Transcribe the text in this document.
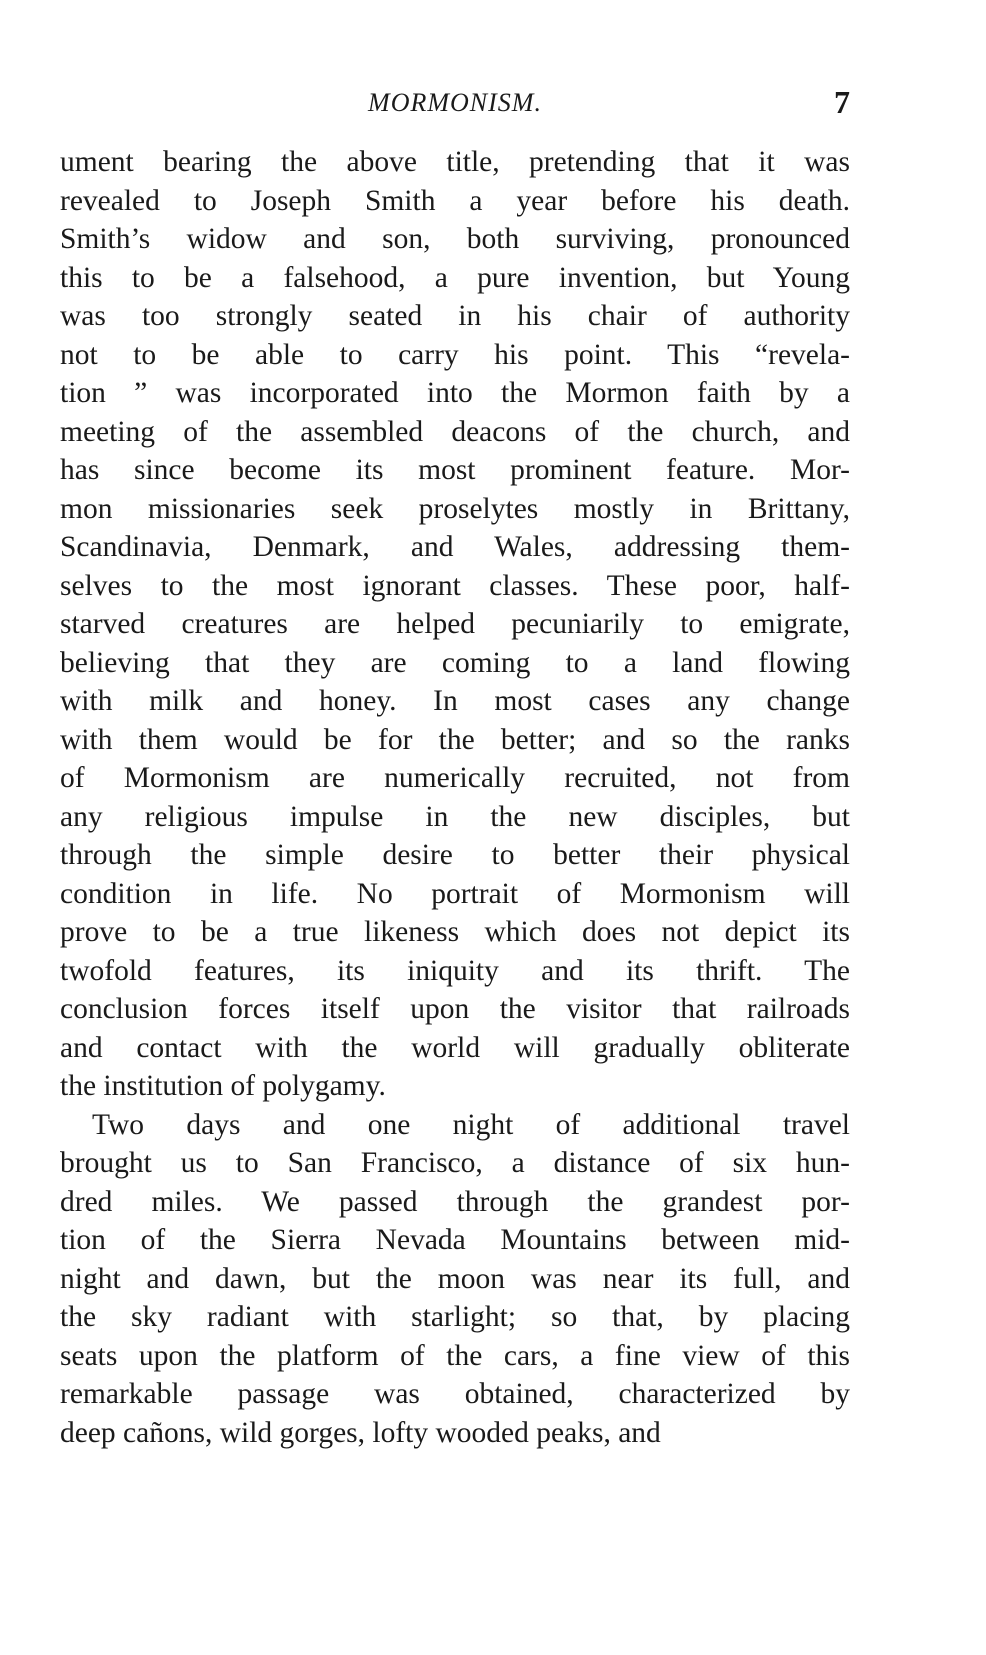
MORMONISM.	7
ument bearing the above title, pretending that it was
revealed to Joseph Smith a year before his death.
Smith’s widow and son, both surviving, pronounced
this to be a falsehood, a pure invention, but Young
was too strongly seated in his chair of authority
not to be able to carry his point. This “revela-
tion ” was incorporated into the Mormon faith by a
meeting of the assembled deacons of the church, and
has since become its most prominent feature. Mor-
mon missionaries seek proselytes mostly in Brittany,
Scandinavia, Denmark, and Wales, addressing them-
selves to the most ignorant classes. These poor, half-
starved creatures are helped pecuniarily to emigrate,
believing that they are coming to a land flowing
with milk and honey. In most cases any change
with them would be for the better; and so the ranks
of Mormonism are numerically recruited, not from
any religious impulse in the new disciples, but
through the simple desire to better their physical
condition in life. No portrait of Mormonism will
prove to be a true likeness which does not depict its
twofold features, its iniquity and its thrift. The
conclusion forces itself upon the visitor that railroads
and contact with the world will gradually obliterate
the institution of polygamy.
Two days and one night of additional travel
brought us to San Francisco, a distance of six hun-
dred miles. We passed through the grandest por-
tion of the Sierra Nevada Mountains between mid-
night and dawn, but the moon was near its full, and
the sky radiant with starlight; so that, by placing
seats upon the platform of the cars, a fine view of this
remarkable passage was obtained, characterized by
deep cañons, wild gorges, lofty wooded peaks, and
